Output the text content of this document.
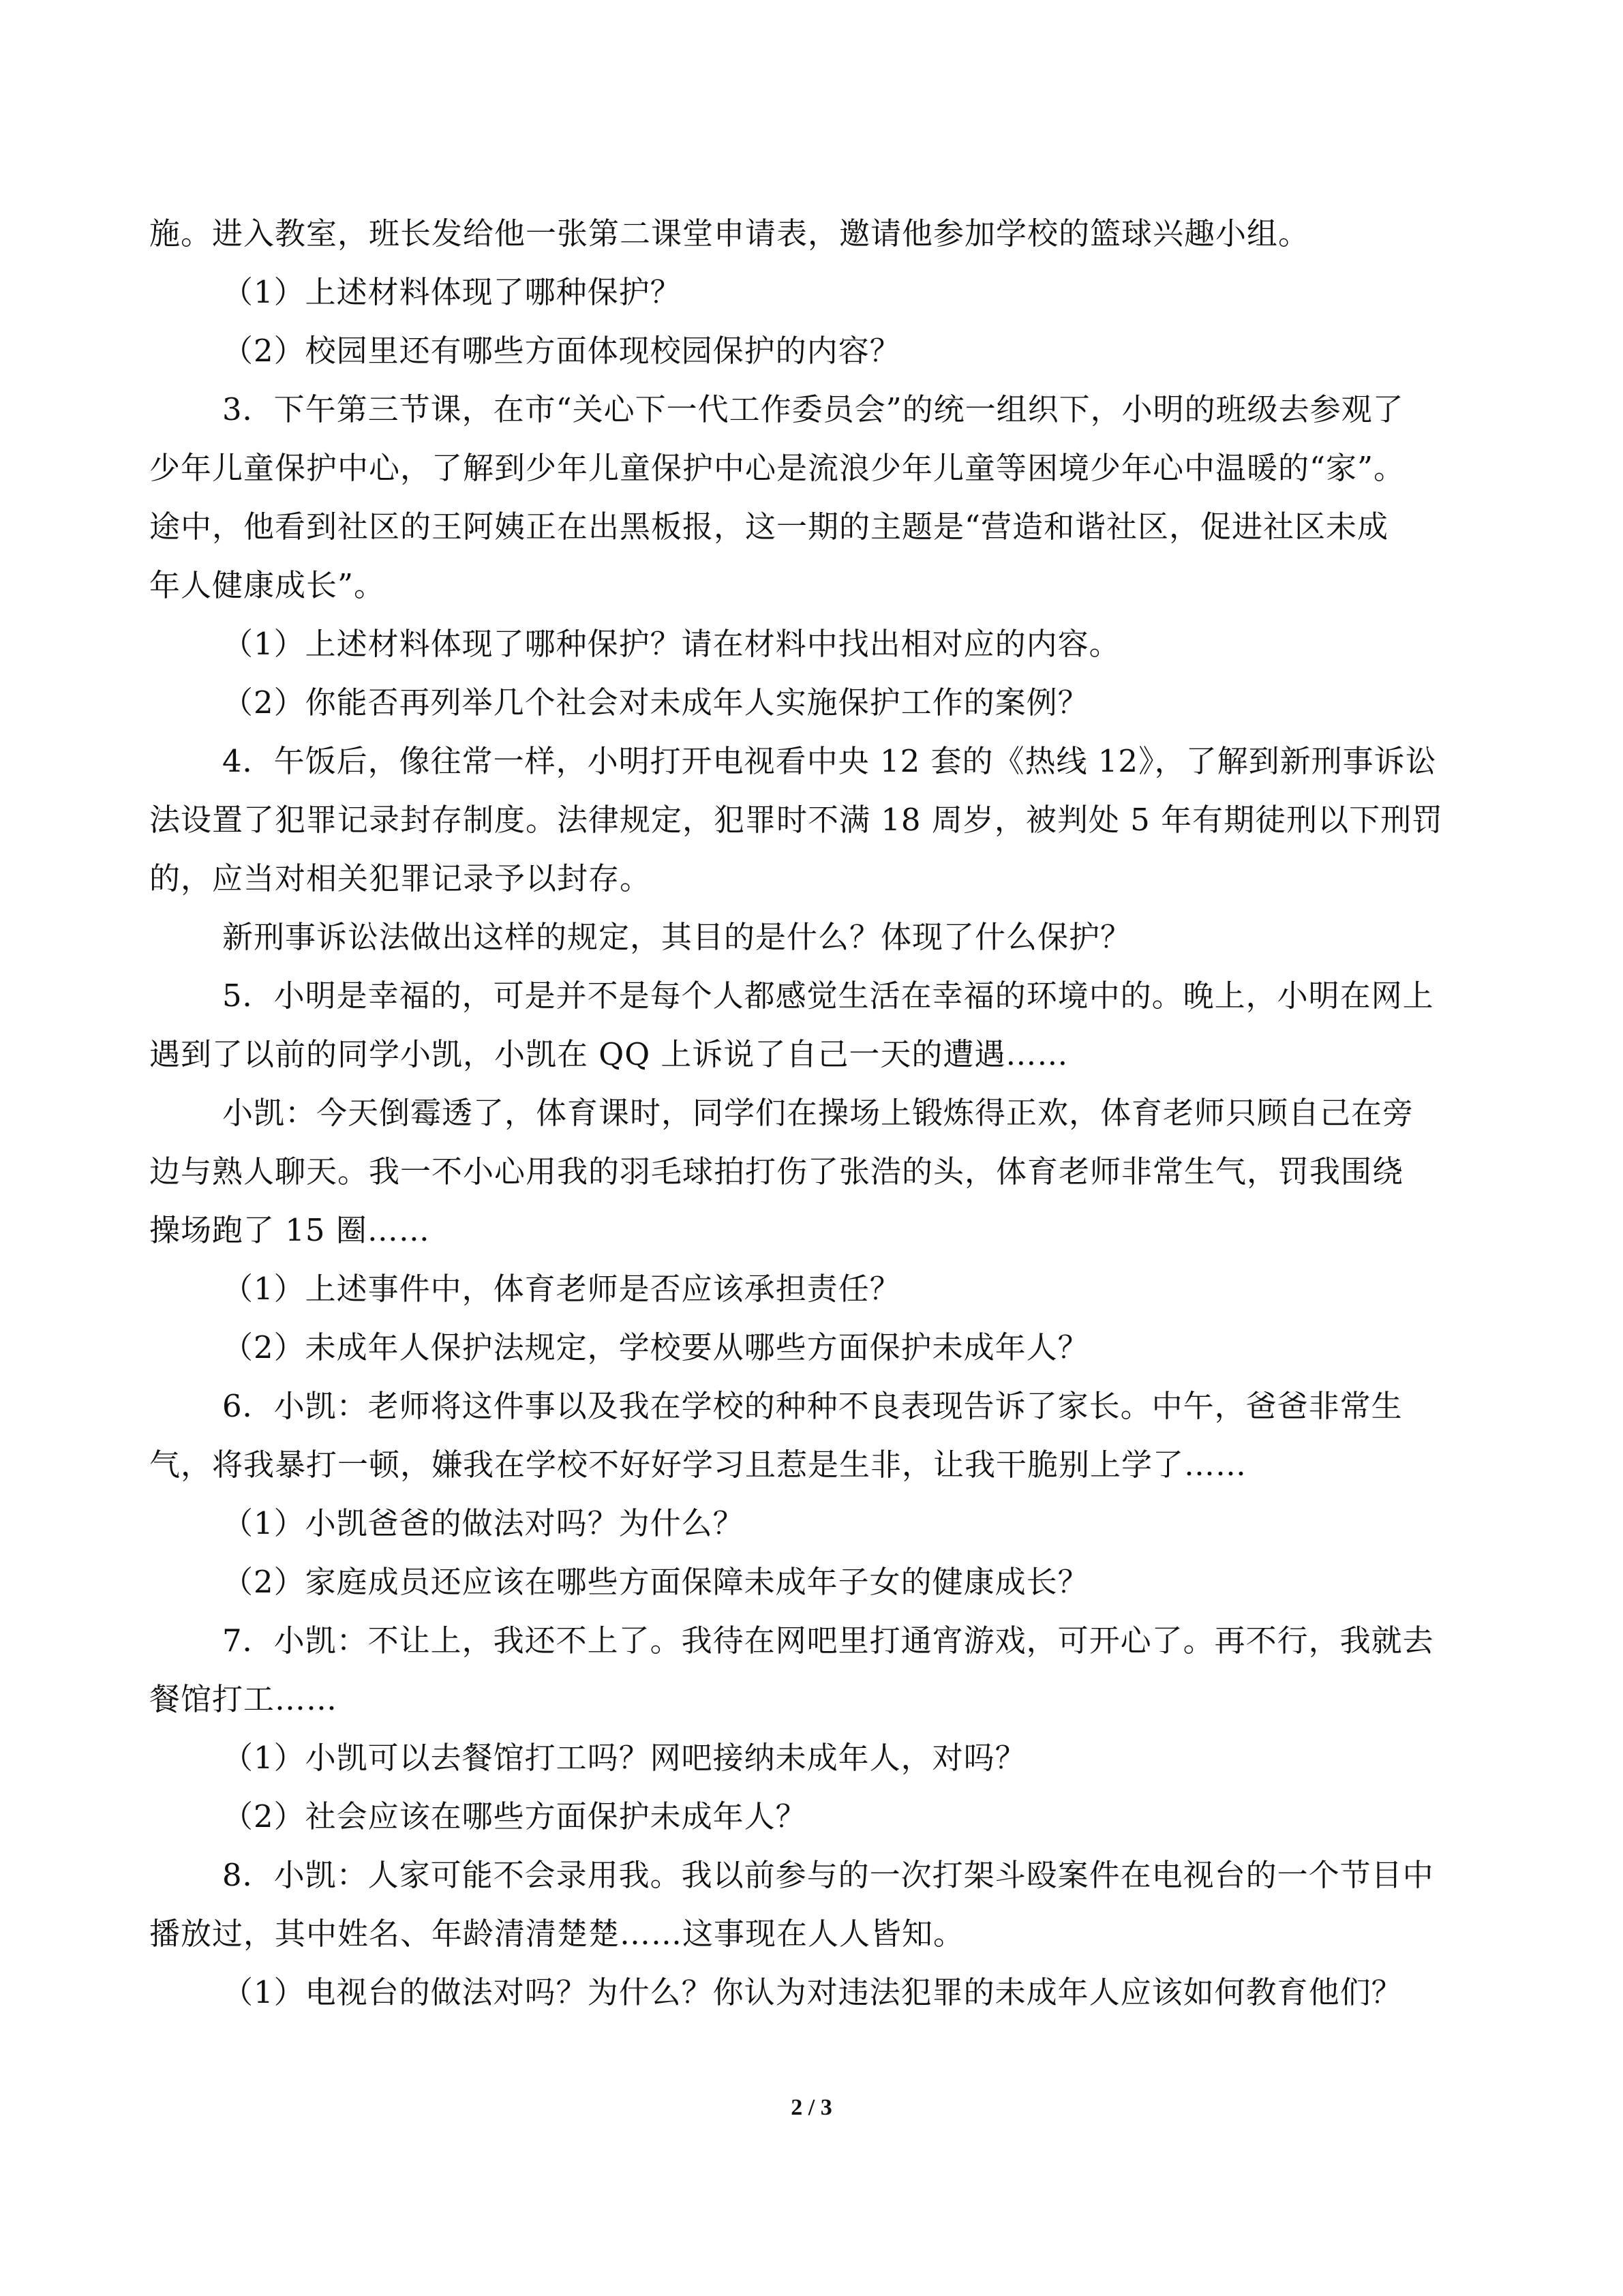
施。进入教室，班长发给他一张第二课堂申请表，邀请他参加学校的篮球兴趣小组。
（1）上述材料体现了哪种保护？
（2）校园里还有哪些方面体现校园保护的内容？
3．下午第三节课，在市“关心下一代工作委员会”的统一组织下，小明的班级去参观了
少年儿童保护中心，了解到少年儿童保护中心是流浪少年儿童等困境少年心中温暖的“家”。
途中，他看到社区的王阿姨正在出黑板报，这一期的主题是“营造和谐社区，促进社区未成
年人健康成长”。
（1）上述材料体现了哪种保护？请在材料中找出相对应的内容。
（2）你能否再列举几个社会对未成年人实施保护工作的案例？
4．午饭后，像往常一样，小明打开电视看中央 12 套的《热线 12》，了解到新刑事诉讼
法设置了犯罪记录封存制度。法律规定，犯罪时不满 18 周岁，被判处 5 年有期徒刑以下刑罚
的，应当对相关犯罪记录予以封存。
新刑事诉讼法做出这样的规定，其目的是什么？体现了什么保护？
5．小明是幸福的，可是并不是每个人都感觉生活在幸福的环境中的。晚上，小明在网上
遇到了以前的同学小凯，小凯在 QQ 上诉说了自己一天的遭遇……
小凯：今天倒霉透了，体育课时，同学们在操场上锻炼得正欢，体育老师只顾自己在旁
边与熟人聊天。我一不小心用我的羽毛球拍打伤了张浩的头，体育老师非常生气，罚我围绕
操场跑了 15 圈……
（1）上述事件中，体育老师是否应该承担责任？
（2）未成年人保护法规定，学校要从哪些方面保护未成年人？
6．小凯：老师将这件事以及我在学校的种种不良表现告诉了家长。中午，爸爸非常生
气，将我暴打一顿，嫌我在学校不好好学习且惹是生非，让我干脆别上学了……
（1）小凯爸爸的做法对吗？为什么？
（2）家庭成员还应该在哪些方面保障未成年子女的健康成长？
7．小凯：不让上，我还不上了。我待在网吧里打通宵游戏，可开心了。再不行，我就去
餐馆打工……
（1）小凯可以去餐馆打工吗？网吧接纳未成年人，对吗？
（2）社会应该在哪些方面保护未成年人？
8．小凯：人家可能不会录用我。我以前参与的一次打架斗殴案件在电视台的一个节目中
播放过，其中姓名、年龄清清楚楚……这事现在人人皆知。
（1）电视台的做法对吗？为什么？你认为对违法犯罪的未成年人应该如何教育他们？
2 / 3
